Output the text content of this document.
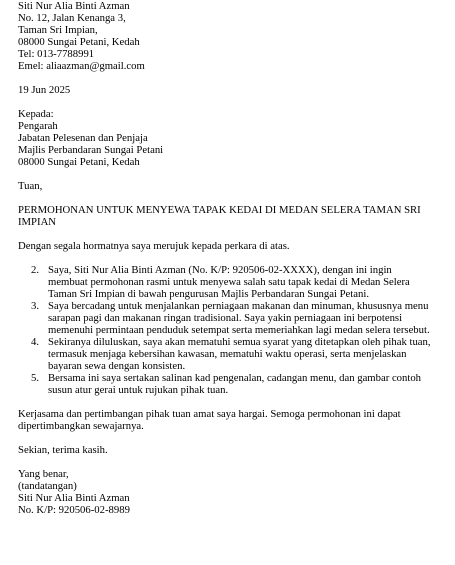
Siti Nur Alia Binti Azman
No. 12, Jalan Kenanga 3,
Taman Sri Impian,
08000 Sungai Petani, Kedah
Tel: 013-7788991
Emel: aliaazman@gmail.com
19 Jun 2025
Kepada:
Pengarah
Jabatan Pelesenan dan Penjaja
Majlis Perbandaran Sungai Petani
08000 Sungai Petani, Kedah
Tuan,
PERMOHONAN UNTUK MENYEWA TAPAK KEDAI DI MEDAN SELERA TAMAN SRI
IMPIAN
Dengan segala hormatnya saya merujuk kepada perkara di atas.
2. Saya, Siti Nur Alia Binti Azman (No. K/P: 920506-02-XXXX), dengan ini ingin
membuat permohonan rasmi untuk menyewa salah satu tapak kedai di Medan Selera
Taman Sri Impian di bawah pengurusan Majlis Perbandaran Sungai Petani.
3. Saya bercadang untuk menjalankan perniagaan makanan dan minuman, khususnya menu
sarapan pagi dan makanan ringan tradisional. Saya yakin perniagaan ini berpotensi
memenuhi permintaan penduduk setempat serta memeriahkan lagi medan selera tersebut.
4. Sekiranya diluluskan, saya akan mematuhi semua syarat yang ditetapkan oleh pihak tuan,
termasuk menjaga kebersihan kawasan, mematuhi waktu operasi, serta menjelaskan
bayaran sewa dengan konsisten.
5. Bersama ini saya sertakan salinan kad pengenalan, cadangan menu, dan gambar contoh
susun atur gerai untuk rujukan pihak tuan.
Kerjasama dan pertimbangan pihak tuan amat saya hargai. Semoga permohonan ini dapat
dipertimbangkan sewajarnya.
Sekian, terima kasih.
Yang benar,
(tandatangan)
Siti Nur Alia Binti Azman
No. K/P: 920506-02-8989
